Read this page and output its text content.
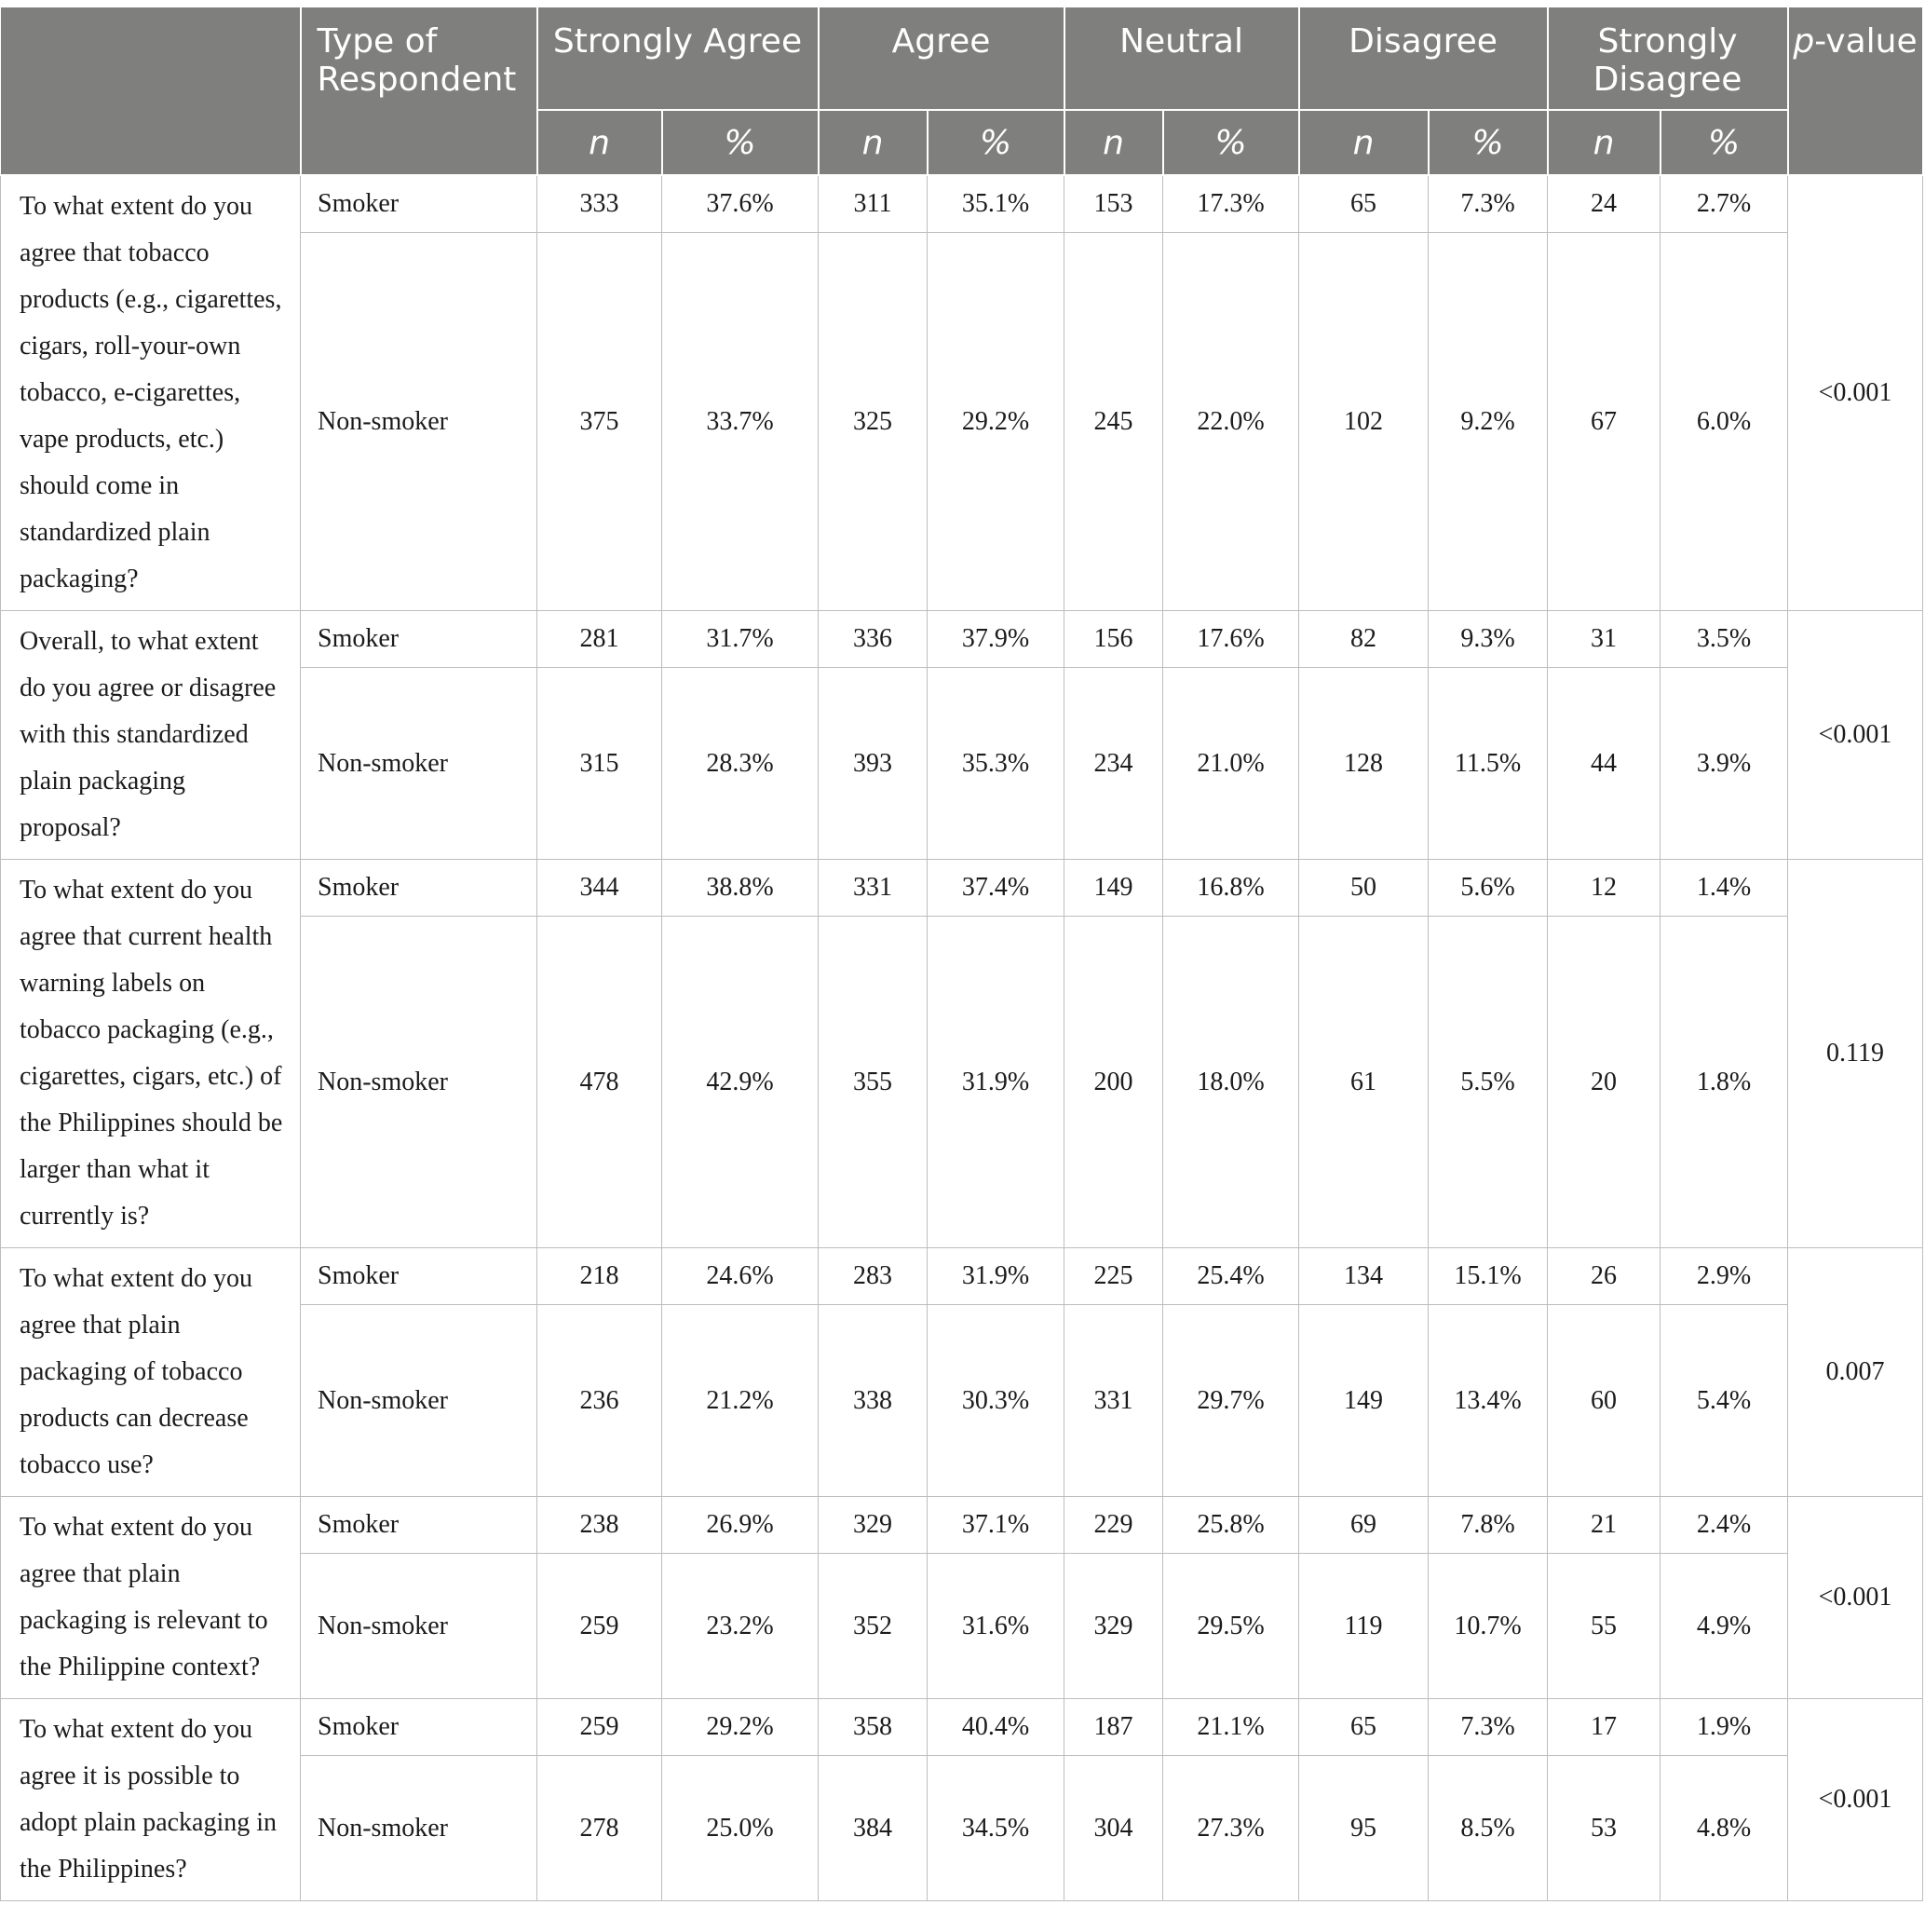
	Type of Respondent	Strongly Agree		Agree		Neutral		Disagree		Strongly Disagree		p-value
		n	%	n	%	n	%	n	%	n	%	
To what extent do you agree that tobacco products (e.g., cigarettes, cigars, roll-your-own tobacco, e-cigarettes, vape products, etc.) should come in standardized plain packaging?	Smoker	333	37.6%	311	35.1%	153	17.3%	65	7.3%	24	2.7%	<0.001
	Non-smoker	375	33.7%	325	29.2%	245	22.0%	102	9.2%	67	6.0%	
Overall, to what extent do you agree or disagree with this standardized plain packaging proposal?	Smoker	281	31.7%	336	37.9%	156	17.6%	82	9.3%	31	3.5%	<0.001
	Non-smoker	315	28.3%	393	35.3%	234	21.0%	128	11.5%	44	3.9%	
To what extent do you agree that current health warning labels on tobacco packaging (e.g., cigarettes, cigars, etc.) of the Philippines should be larger than what it currently is?	Smoker	344	38.8%	331	37.4%	149	16.8%	50	5.6%	12	1.4%	0.119
	Non-smoker	478	42.9%	355	31.9%	200	18.0%	61	5.5%	20	1.8%	
To what extent do you agree that plain packaging of tobacco products can decrease tobacco use?	Smoker	218	24.6%	283	31.9%	225	25.4%	134	15.1%	26	2.9%	0.007
	Non-smoker	236	21.2%	338	30.3%	331	29.7%	149	13.4%	60	5.4%	
To what extent do you agree that plain packaging is relevant to the Philippine context?	Smoker	238	26.9%	329	37.1%	229	25.8%	69	7.8%	21	2.4%	<0.001
	Non-smoker	259	23.2%	352	31.6%	329	29.5%	119	10.7%	55	4.9%	
To what extent do you agree it is possible to adopt plain packaging in the Philippines?	Smoker	259	29.2%	358	40.4%	187	21.1%	65	7.3%	17	1.9%	<0.001
	Non-smoker	278	25.0%	384	34.5%	304	27.3%	95	8.5%	53	4.8%	
